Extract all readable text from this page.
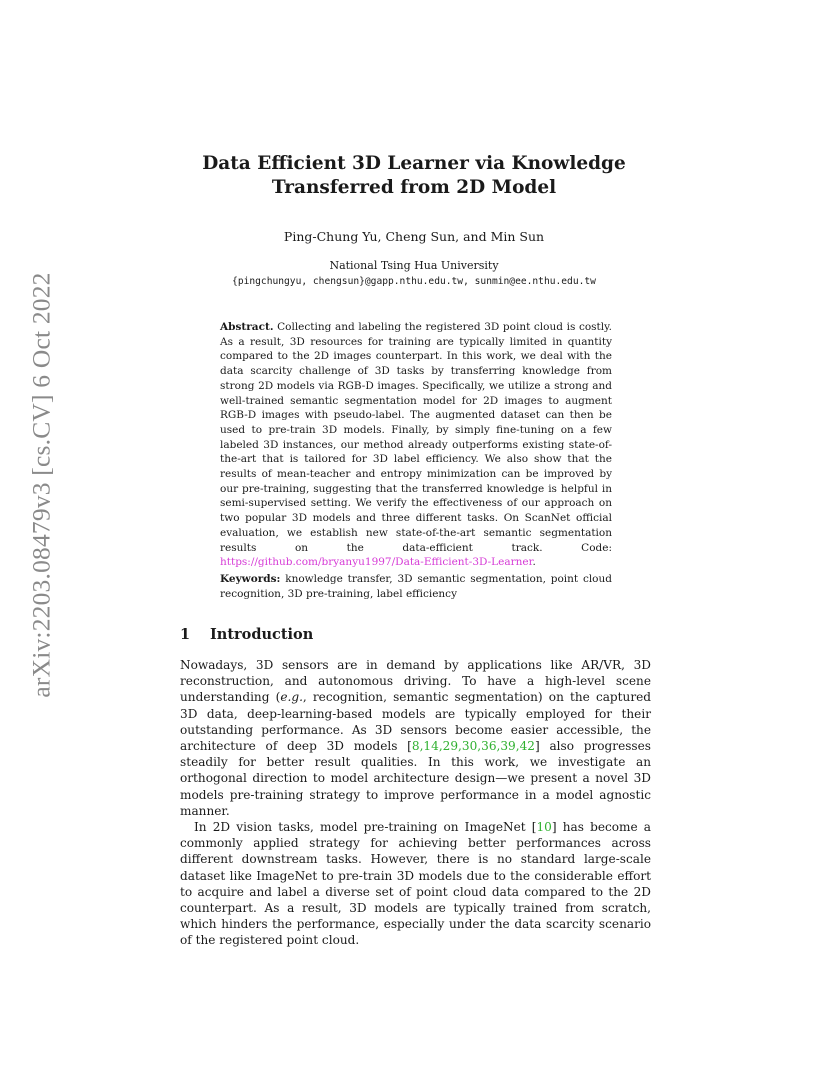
arXiv:2203.08479v3 [cs.CV] 6 Oct 2022
Data Efficient 3D Learner via Knowledge
Transferred from 2D Model
Ping-Chung Yu, Cheng Sun, and Min Sun
National Tsing Hua University
{pingchungyu, chengsun}@gapp.nthu.edu.tw, sunmin@ee.nthu.edu.tw
Abstract. Collecting and labeling the registered 3D point cloud is costly. As a result, 3D resources for training are typically limited in quantity compared to the 2D images counterpart. In this work, we deal with the data scarcity challenge of 3D tasks by transferring knowledge from strong 2D models via RGB-D images. Specifically, we utilize a strong and well-trained semantic segmentation model for 2D images to augment RGB-D images with pseudo-label. The augmented dataset can then be used to pre-train 3D models. Finally, by simply fine-tuning on a few labeled 3D instances, our method already outperforms existing state-of-the-art that is tailored for 3D label efficiency. We also show that the results of mean-teacher and entropy minimization can be improved by our pre-training, suggesting that the transferred knowledge is helpful in semi-supervised setting. We verify the effectiveness of our approach on two popular 3D models and three different tasks. On ScanNet official evaluation, we establish new state-of-the-art semantic segmentation results on the data-efficient track.	Code: https://github.com/bryanyu1997/Data-Efficient-3D-Learner.
Keywords: knowledge transfer, 3D semantic segmentation, point cloud recognition, 3D pre-training, label efficiency
1 Introduction

Nowadays, 3D sensors are in demand by applications like AR/VR, 3D reconstruction, and autonomous driving. To have a high-level scene understanding (e.g., recognition, semantic segmentation) on the captured 3D data, deep-learning-based models are typically employed for their outstanding performance. As 3D sensors become easier accessible, the architecture of deep 3D models [8,14,29,30,36,39,42] also progresses steadily for better result qualities. In this work, we investigate an orthogonal direction to model architecture design—we present a novel 3D models pre-training strategy to improve performance in a model agnostic manner.

In 2D vision tasks, model pre-training on ImageNet [10] has become a commonly applied strategy for achieving better performances across different downstream tasks. However, there is no standard large-scale dataset like ImageNet to pre-train 3D models due to the considerable effort to acquire and label a diverse set of point cloud data compared to the 2D counterpart. As a result, 3D models are typically trained from scratch, which hinders the performance, especially under the data scarcity scenario of the registered point cloud.
